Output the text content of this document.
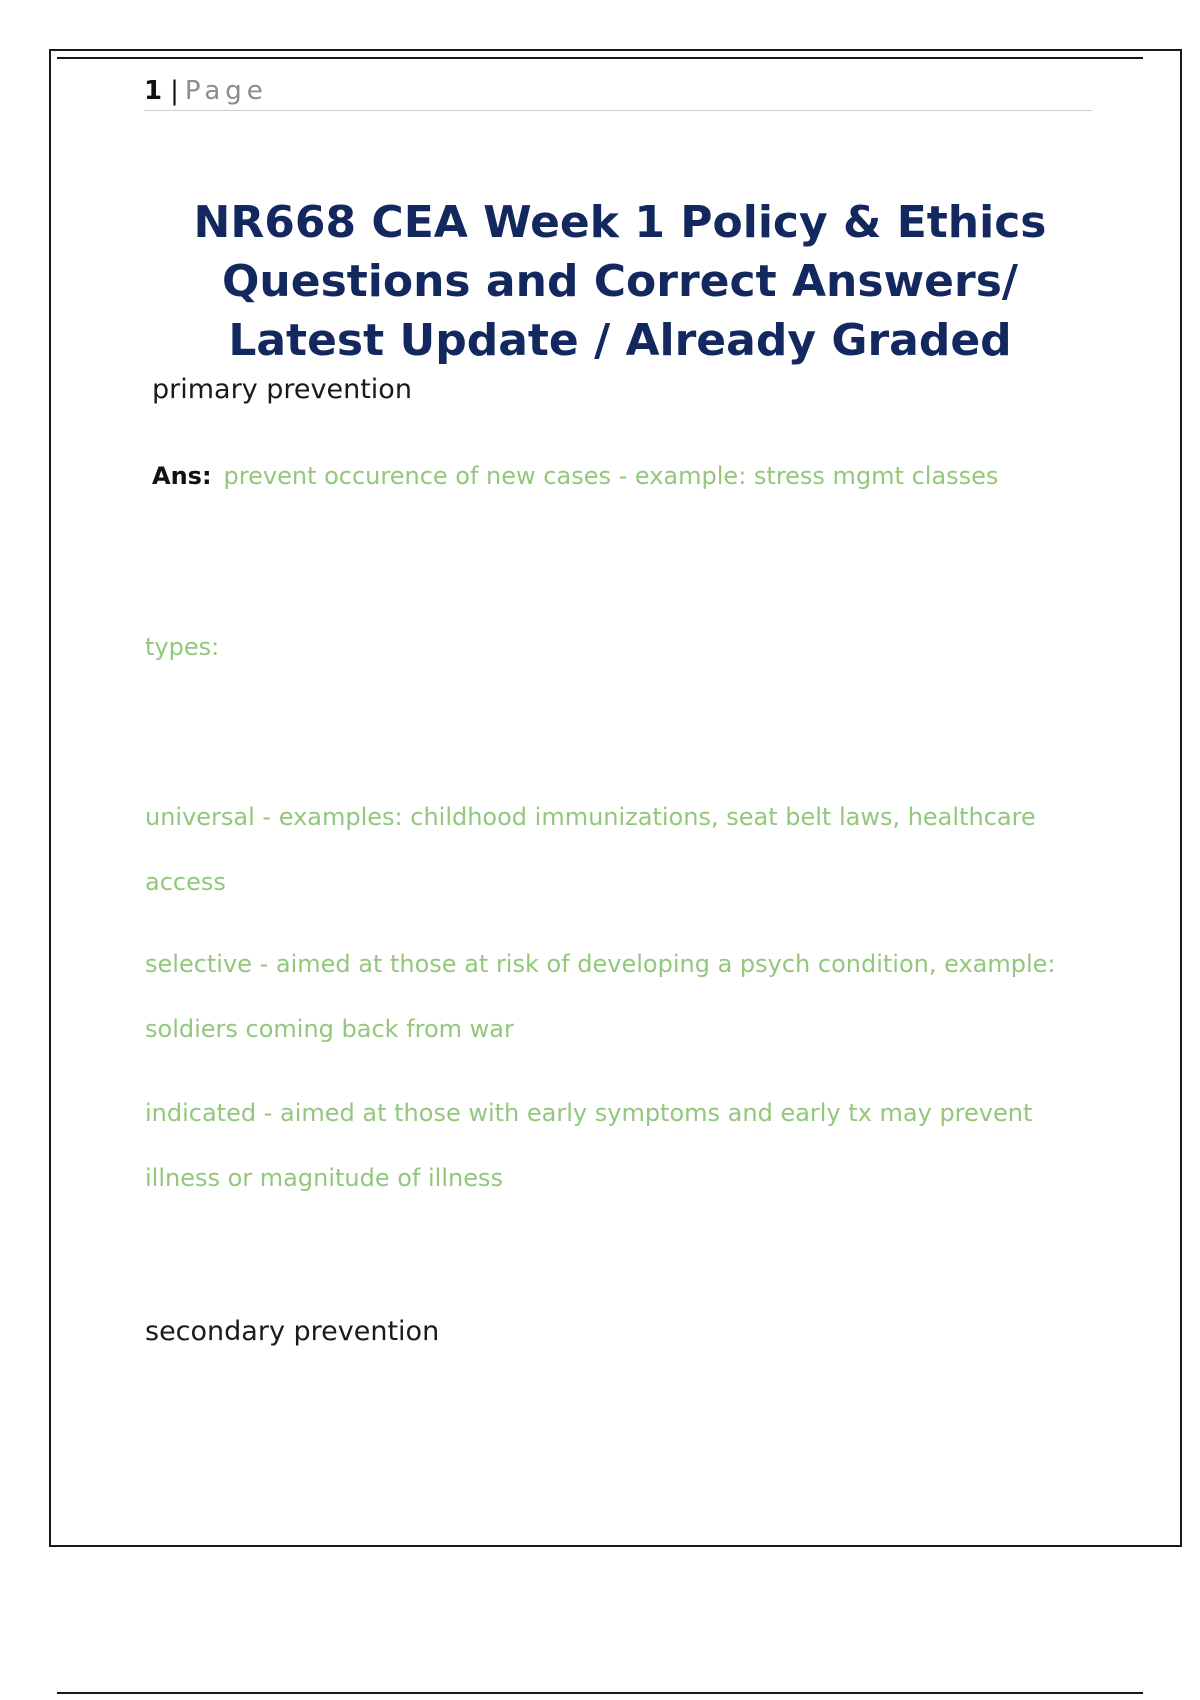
1 | Page
NR668 CEA Week 1 Policy & Ethics Questions and Correct Answers/ Latest Update / Already Graded
primary prevention
Ans: prevent occurence of new cases - example: stress mgmt classes

types:

universal - examples: childhood immunizations, seat belt laws, healthcare access

selective - aimed at those at risk of developing a psych condition, example: soldiers coming back from war

indicated - aimed at those with early symptoms and early tx may prevent illness or magnitude of illness

secondary prevention
